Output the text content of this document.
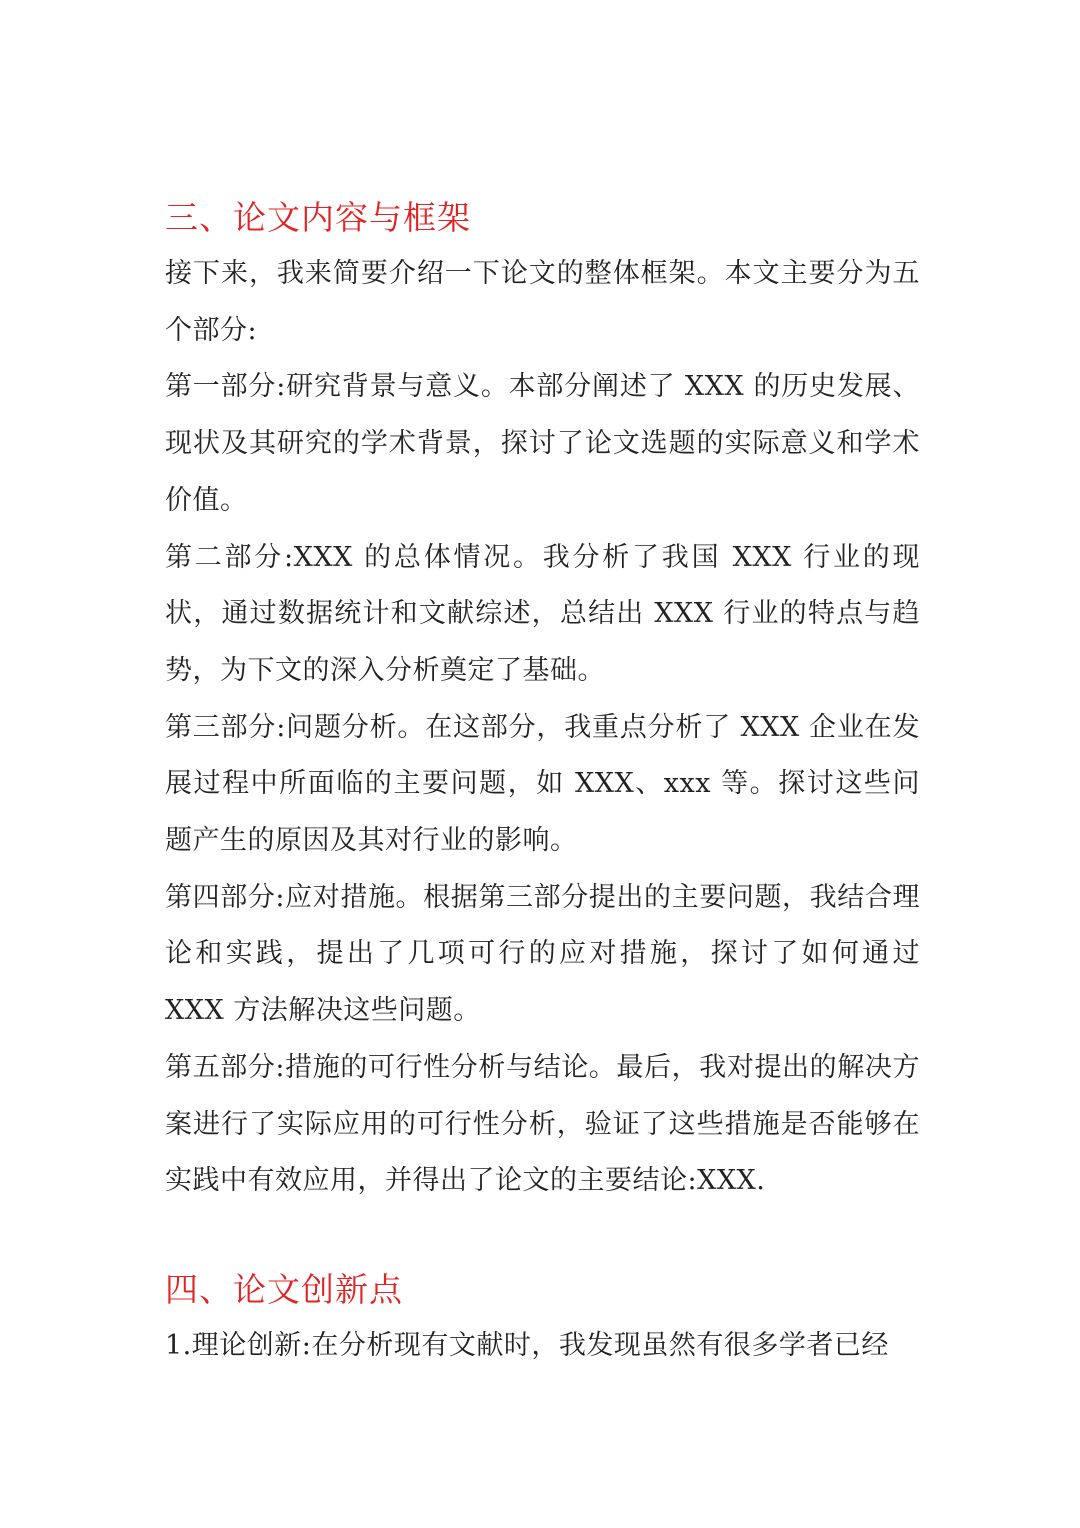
三、论文内容与框架

接下来，我来简要介绍一下论文的整体框架。本文主要分为五个部分:

第一部分:研究背景与意义。本部分阐述了 XXX 的历史发展、现状及其研究的学术背景，探讨了论文选题的实际意义和学术价值。

第二部分:XXX 的总体情况。我分析了我国 XXX 行业的现状，通过数据统计和文献综述，总结出 XXX 行业的特点与趋势，为下文的深入分析奠定了基础。

第三部分:问题分析。在这部分，我重点分析了 XXX 企业在发展过程中所面临的主要问题，如 XXX、xxx 等。探讨这些问题产生的原因及其对行业的影响。

第四部分:应对措施。根据第三部分提出的主要问题，我结合理论和实践，提出了几项可行的应对措施，探讨了如何通过 XXX 方法解决这些问题。

第五部分:措施的可行性分析与结论。最后，我对提出的解决方案进行了实际应用的可行性分析，验证了这些措施是否能够在实践中有效应用，并得出了论文的主要结论:XXX.

四、论文创新点

1.理论创新:在分析现有文献时，我发现虽然有很多学者已经
